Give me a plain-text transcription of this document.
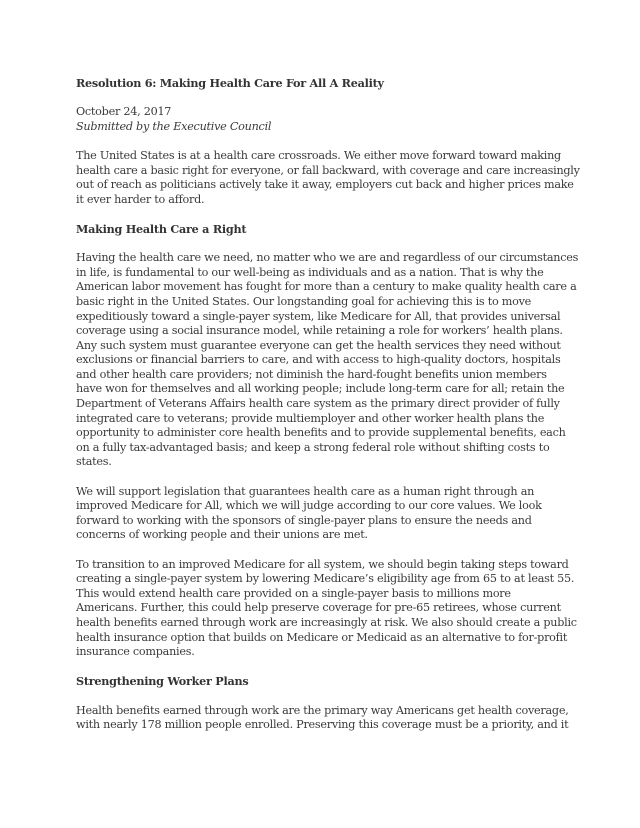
Resolution 6: Making Health Care For All A Reality
October 24, 2017
Submitted by the Executive Council
The United States is at a health care crossroads. We either move forward toward making
health care a basic right for everyone, or fall backward, with coverage and care increasingly
out of reach as politicians actively take it away, employers cut back and higher prices make
it ever harder to afford.
Making Health Care a Right
Having the health care we need, no matter who we are and regardless of our circumstances
in life, is fundamental to our well-being as individuals and as a nation. That is why the
American labor movement has fought for more than a century to make quality health care a
basic right in the United States. Our longstanding goal for achieving this is to move
expeditiously toward a single-payer system, like Medicare for All, that provides universal
coverage using a social insurance model, while retaining a role for workers’ health plans.
Any such system must guarantee everyone can get the health services they need without
exclusions or financial barriers to care, and with access to high-quality doctors, hospitals
and other health care providers; not diminish the hard-fought benefits union members
have won for themselves and all working people; include long-term care for all; retain the
Department of Veterans Affairs health care system as the primary direct provider of fully
integrated care to veterans; provide multiemployer and other worker health plans the
opportunity to administer core health benefits and to provide supplemental benefits, each
on a fully tax-advantaged basis; and keep a strong federal role without shifting costs to
states.
We will support legislation that guarantees health care as a human right through an
improved Medicare for All, which we will judge according to our core values. We look
forward to working with the sponsors of single-payer plans to ensure the needs and
concerns of working people and their unions are met.
To transition to an improved Medicare for all system, we should begin taking steps toward
creating a single-payer system by lowering Medicare’s eligibility age from 65 to at least 55.
This would extend health care provided on a single-payer basis to millions more
Americans. Further, this could help preserve coverage for pre-65 retirees, whose current
health benefits earned through work are increasingly at risk. We also should create a public
health insurance option that builds on Medicare or Medicaid as an alternative to for-profit
insurance companies.
Strengthening Worker Plans
Health benefits earned through work are the primary way Americans get health coverage,
with nearly 178 million people enrolled. Preserving this coverage must be a priority, and it
